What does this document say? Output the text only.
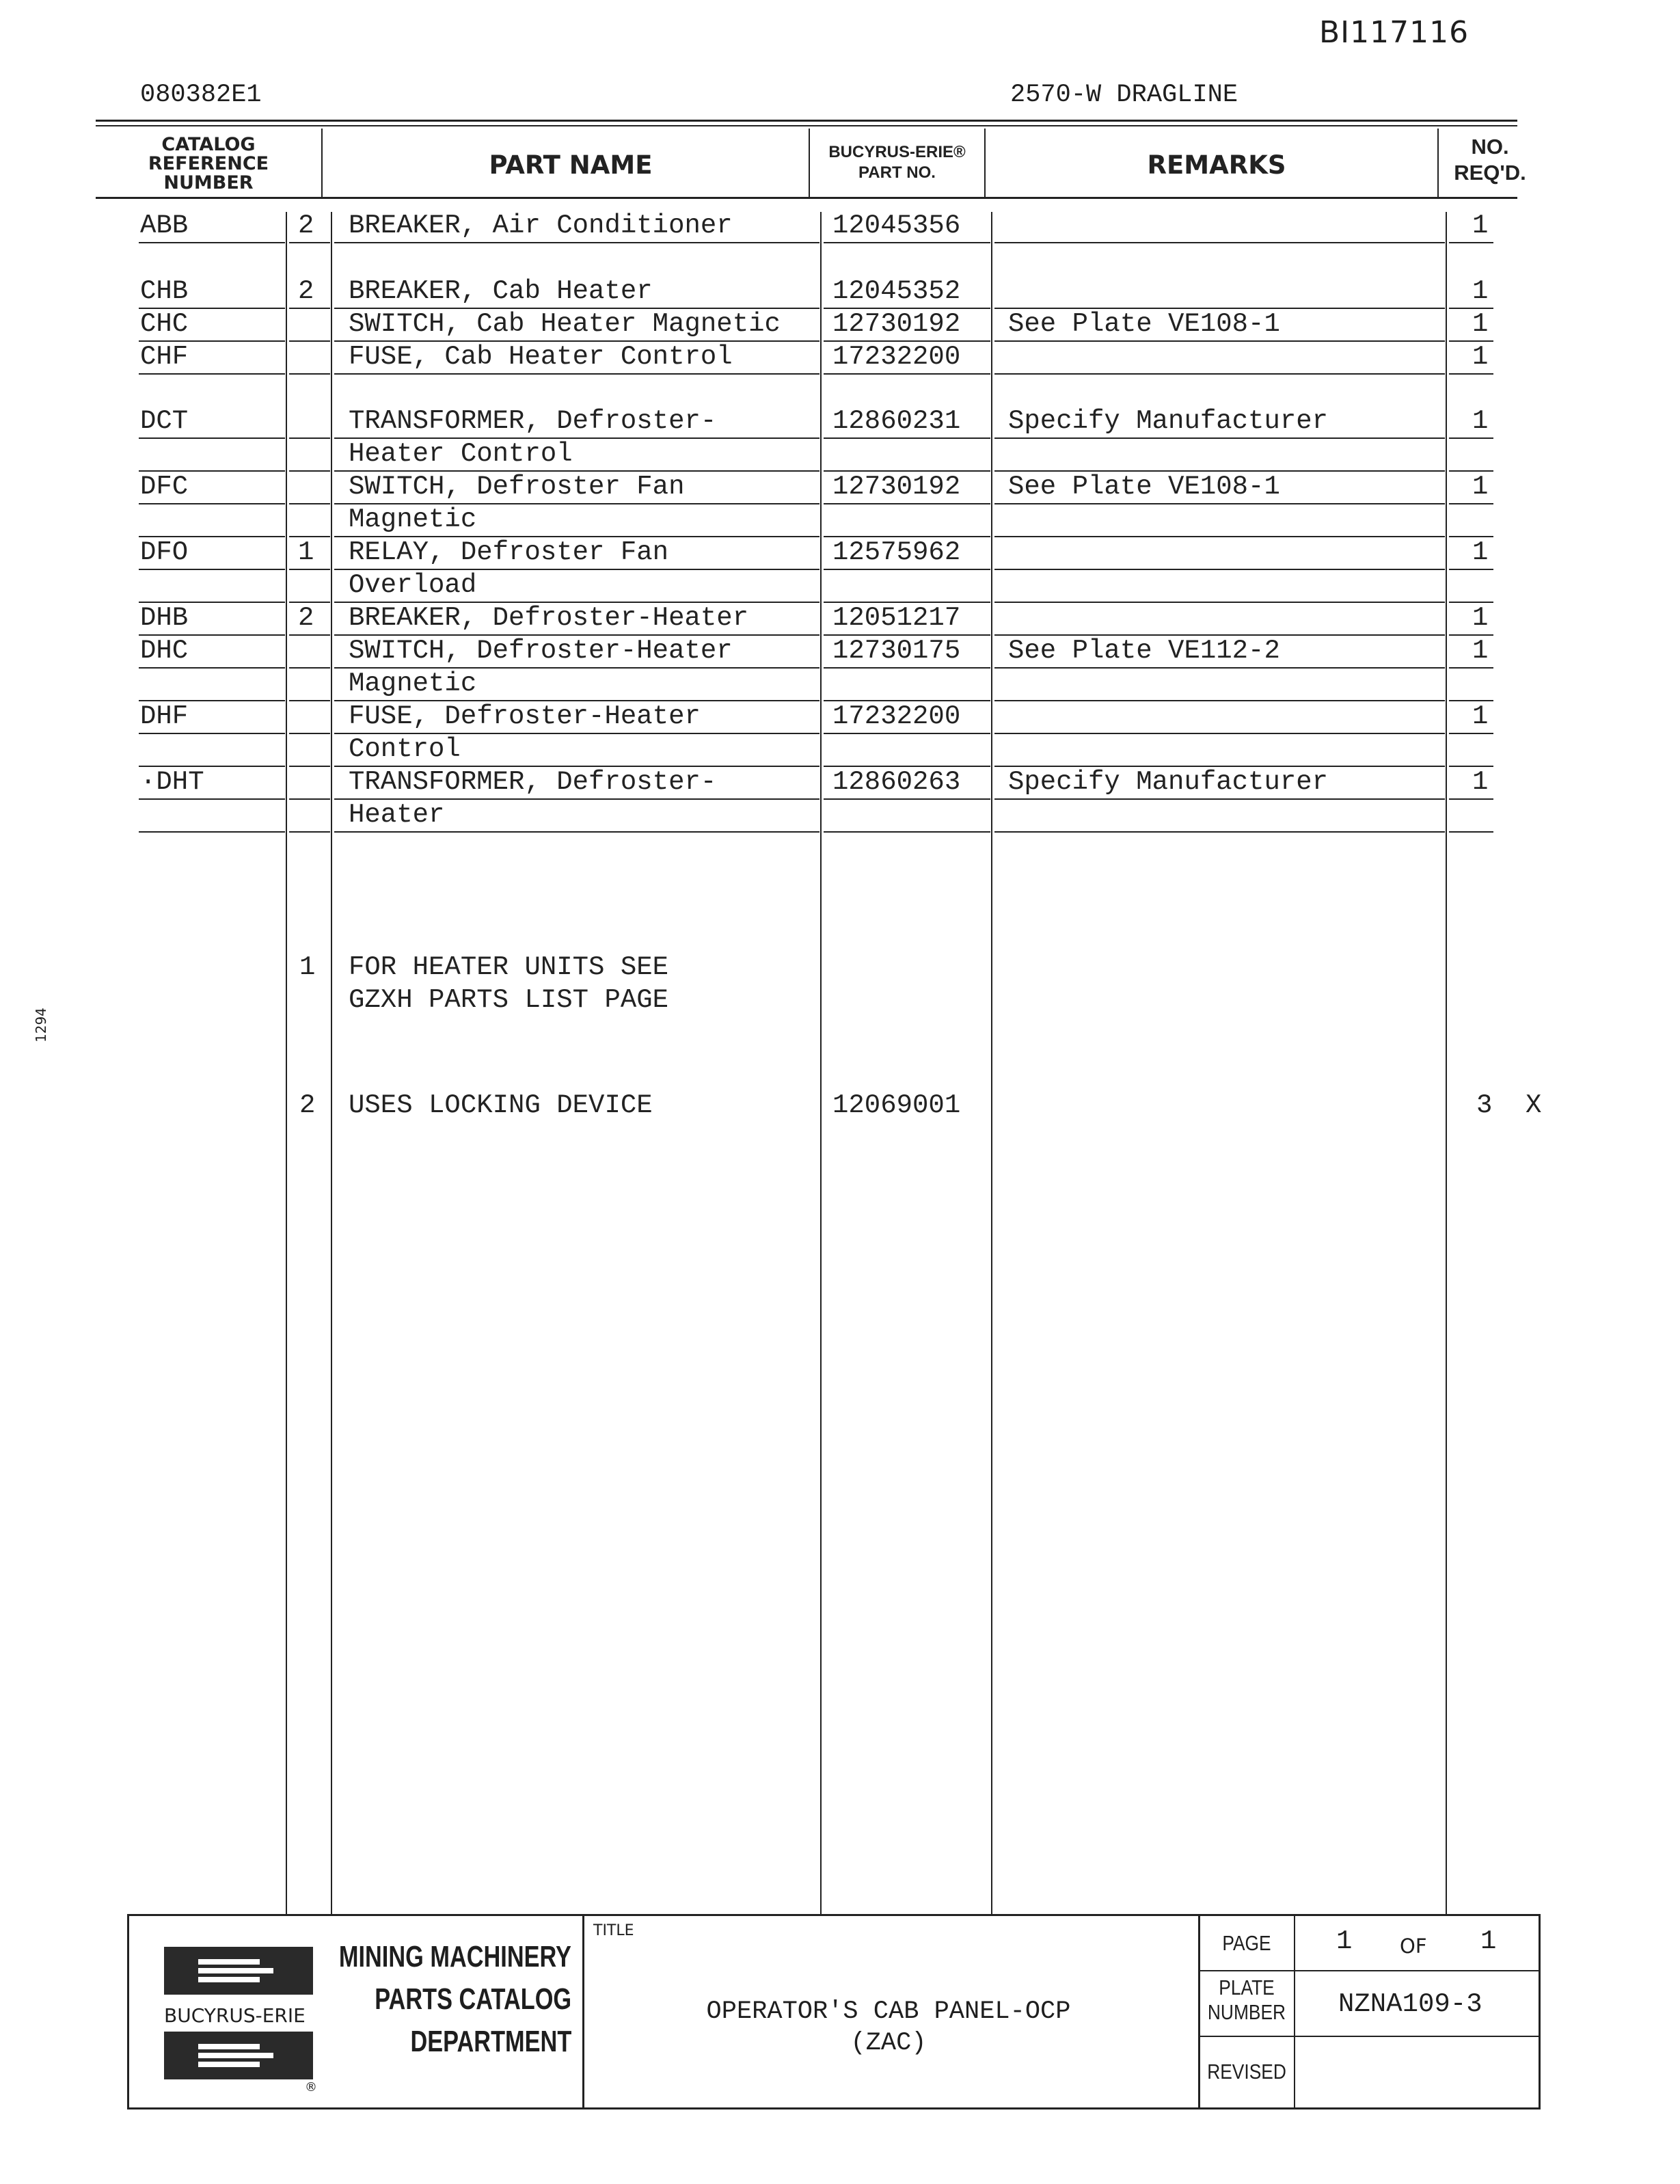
BI117116
080382E1	2570-W DRAGLINE
CATALOG
REFERENCE
NUMBER
PART NAME	BUCYRUS-ERIE®
PART NO.	REMARKS
NO.
REQ'D.
ABB	2 BREAKER, Air Conditioner	12045356	1
CHB	2 BREAKER, Cab Heater	12045352	1
CHC	SWITCH, Cab Heater Magnetic 12730192 See Plate VE108-1	1
CHF	FUSE, Cab Heater Control	17232200	1
DCT	TRANSFORMER, Defroster-	12860231 Specify Manufacturer	1
Heater Control
DFC	SWITCH, Defroster Fan	12730192 See Plate VE108-1	1
Magnetic
DFO	1 RELAY, Defroster Fan	12575962	1
Overload
DHB	2 BREAKER, Defroster-Heater	12051217	1
DHC	SWITCH, Defroster-Heater	12730175 See Plate VE112-2	1
Magnetic
DHF	FUSE, Defroster-Heater	17232200	1
Control
·DHT	TRANSFORMER, Defroster-	12860263 Specify Manufacturer	1
Heater
1 FOR HEATER UNITS SEE
GZXH PARTS LIST PAGE
2 USES LOCKING DEVICE	12069001	3 X
1294
BUCYRUS-ERIE
®
MINING MACHINERY
PARTS CATALOG
DEPARTMENT
TITLE
OPERATOR'S CAB PANEL-OCP
(ZAC)
PAGE	1 OF 1
PLATE
NUMBER NZNA109-3
REVISED
